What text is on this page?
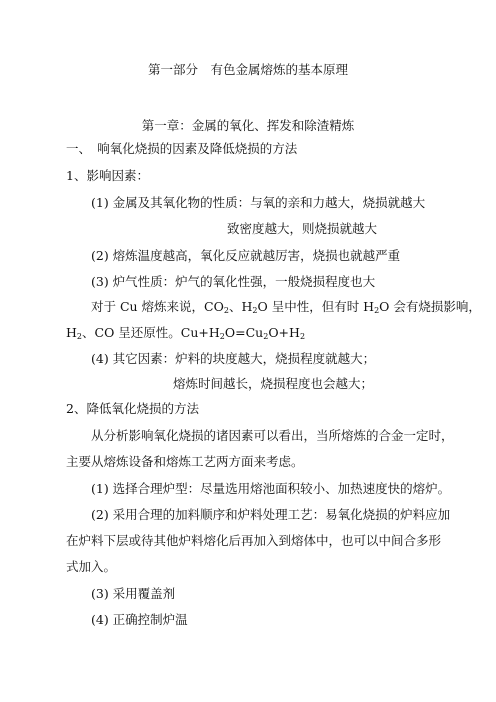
第一部分　有色金属熔炼的基本原理
第一章：金属的氧化、挥发和除渣精炼
一、　响氧化烧损的因素及降低烧损的方法
1、影响因素：
(1) 金属及其氧化物的性质：与氧的亲和力越大，烧损就越大
致密度越大，则烧损就越大
(2) 熔炼温度越高，氧化反应就越厉害，烧损也就越严重
(3) 炉气性质：炉气的氧化性强，一般烧损程度也大
对于 Cu 熔炼来说，$CO_2$、$H_2O$ 呈中性，但有时 $H_2O$ 会有烧损影响，
$H_2$、CO 呈还原性。$Cu+H_2O=Cu_2O+H_2$
(4) 其它因素：炉料的块度越大，烧损程度就越大；
熔炼时间越长，烧损程度也会越大；
2、降低氧化烧损的方法
从分析影响氧化烧损的诸因素可以看出，当所熔炼的合金一定时，
主要从熔炼设备和熔炼工艺两方面来考虑。
(1) 选择合理炉型：尽量选用熔池面积较小、加热速度快的熔炉。
(2) 采用合理的加料顺序和炉料处理工艺：易氧化烧损的炉料应加
在炉料下层或待其他炉料熔化后再加入到熔体中，也可以中间合多形
式加入。
(3) 采用覆盖剂
(4) 正确控制炉温
